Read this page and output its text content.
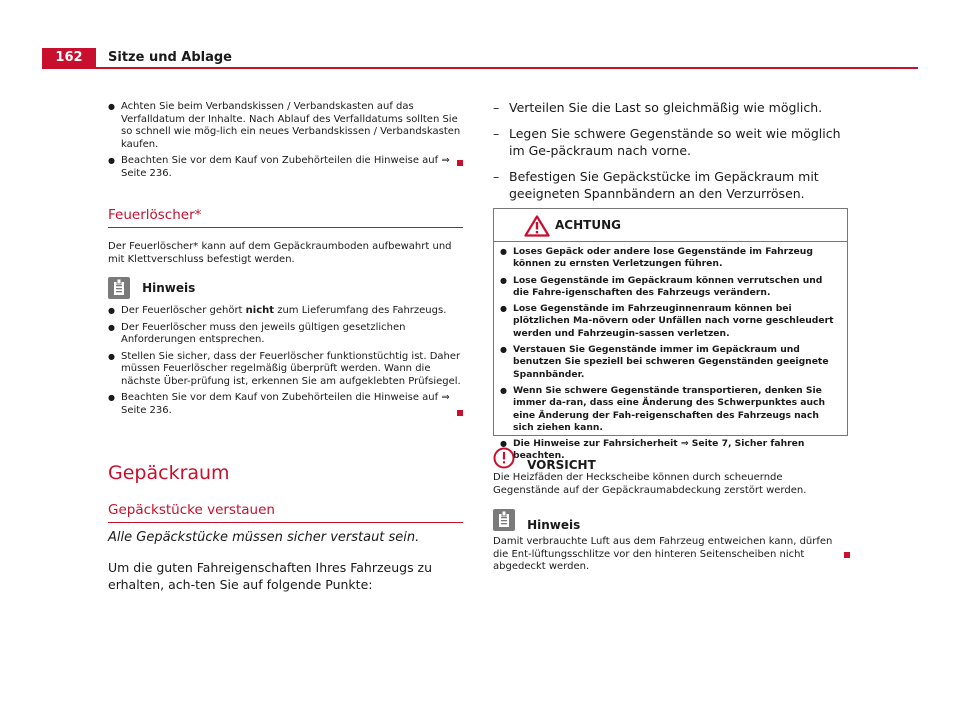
162	Sitze und Ablage
● Achten Sie beim Verbandskissen / Verbandskasten auf das Verfalldatum der Inhalte. Nach Ablauf des Verfalldatums sollten Sie so schnell wie mög-lich ein neues Verbandskissen / Verbandskasten kaufen.
● Beachten Sie vor dem Kauf von Zubehörteilen die Hinweise auf ⇒ Seite 236.
Feuerlöscher*
Der Feuerlöscher* kann auf dem Gepäckraumboden aufbewahrt und mit Klettverschluss befestigt werden.
Hinweis
● Der Feuerlöscher gehört nicht zum Lieferumfang des Fahrzeugs.
● Der Feuerlöscher muss den jeweils gültigen gesetzlichen Anforderungen entsprechen.
● Stellen Sie sicher, dass der Feuerlöscher funktionstüchtig ist. Daher müssen Feuerlöscher regelmäßig überprüft werden. Wann die nächste Über-prüfung ist, erkennen Sie am aufgeklebten Prüfsiegel.
● Beachten Sie vor dem Kauf von Zubehörteilen die Hinweise auf ⇒ Seite 236.
Gepäckraum
Gepäckstücke verstauen
Alle Gepäckstücke müssen sicher verstaut sein.
Um die guten Fahreigenschaften Ihres Fahrzeugs zu erhalten, ach-ten Sie auf folgende Punkte:
– Verteilen Sie die Last so gleichmäßig wie möglich.
– Legen Sie schwere Gegenstände so weit wie möglich im Ge-päckraum nach vorne.
– Befestigen Sie Gepäckstücke im Gepäckraum mit geeigneten Spannbändern an den Verzurrösen.
ACHTUNG
● Loses Gepäck oder andere lose Gegenstände im Fahrzeug können zu ernsten Verletzungen führen.
● Lose Gegenstände im Gepäckraum können verrutschen und die Fahre-igenschaften des Fahrzeugs verändern.
● Lose Gegenstände im Fahrzeuginnenraum können bei plötzlichen Ma-növern oder Unfällen nach vorne geschleudert werden und Fahrzeugin-sassen verletzen.
● Verstauen Sie Gegenstände immer im Gepäckraum und benutzen Sie speziell bei schweren Gegenständen geeignete Spannbänder.
● Wenn Sie schwere Gegenstände transportieren, denken Sie immer da-ran, dass eine Änderung des Schwerpunktes auch eine Änderung der Fah-reigenschaften des Fahrzeugs nach sich ziehen kann.
● Die Hinweise zur Fahrsicherheit ⇒ Seite 7, Sicher fahren beachten.
$_{VORSICHT}$
Die Heizfäden der Heckscheibe können durch scheuernde Gegenstände auf der Gepäckraumabdeckung zerstört werden.
$_{Hinweis}$
Damit verbrauchte Luft aus dem Fahrzeug entweichen kann, dürfen die Ent-lüftungsschlitze vor den hinteren Seitenscheiben nicht abgedeckt werden.
